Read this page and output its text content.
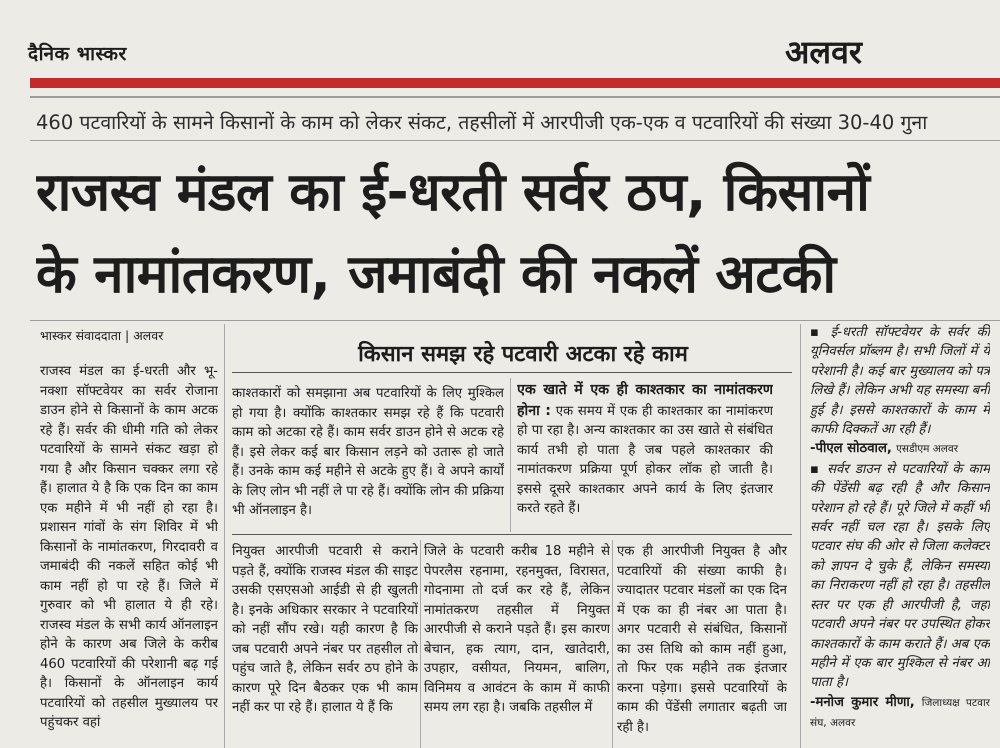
दैनिक भास्कर	अलवर
460 पटवारियों के सामने किसानों के काम को लेकर संकट, तहसीलों में आरपीजी एक-एक व पटवारियों की संख्या 30-40 गुना
राजस्व मंडल का ई-धरती सर्वर ठप, किसानों
के नामांतकरण, जमाबंदी की नकलें अटकी
भास्कर संवाददाता | अलवर
किसान समझ रहे पटवारी अटका रहे काम

राजस्व मंडल का ई-धरती और भू-नक्शा सॉफ्टवेयर का सर्वर रोजाना डाउन होने से किसानों के काम अटक रहे हैं। सर्वर की धीमी गति को लेकर पटवारियों के सामने संकट खड़ा हो गया है और किसान चक्कर लगा रहे हैं। हालात ये है कि एक दिन का काम एक महीने में भी नहीं हो रहा है। प्रशासन गांवों के संग शिविर में भी किसानों के नामांतकरण, गिरदावरी व जमाबंदी की नकलें सहित कोई भी काम नहीं हो पा रहे हैं। जिले में गुरुवार को भी हालात ये ही रहे। राजस्व मंडल के सभी कार्य ऑनलाइन होने के कारण अब जिले के करीब 460 पटवारियों की परेशानी बढ़ गई है। किसानों के ऑनलाइन कार्य पटवारियों को तहसील मुख्यालय पर पहुंचकर वहां

काश्तकारों को समझाना अब पटवारियों के लिए मुश्किल हो गया है। क्योंकि काश्तकार समझ रहे हैं कि पटवारी काम को अटका रहे हैं। काम सर्वर डाउन होने से अटक रहे हैं। इसे लेकर कई बार किसान लड़ने को उतारू हो जाते हैं। उनके काम कई महीने से अटके हुए हैं। वे अपने कार्यों के लिए लोन भी नहीं ले पा रहे हैं। क्योंकि लोन की प्रक्रिया भी ऑनलाइन है।

एक खाते में एक ही काश्तकार का नामांतकरण होना : एक समय में एक ही काश्तकार का नामांकरण हो पा रहा है। अन्य काश्तकार का उस खाते से संबंधित कार्य तभी हो पाता है जब पहले काश्तकार की नामांतकरण प्रक्रिया पूर्ण होकर लॉक हो जाती है। इससे दूसरे काश्तकार अपने कार्य के लिए इंतजार करते रहते हैं।

नियुक्त आरपीजी पटवारी से कराने पड़ते हैं, क्योंकि राजस्व मंडल की साइट उसकी एसएसओ आईडी से ही खुलती है। इनके अधिकार सरकार ने पटवारियों को नहीं सौंप रखे। यही कारण है कि जब पटवारी अपने नंबर पर तहसील तो पहुंच जाते है, लेकिन सर्वर ठप होने के कारण पूरे दिन बैठकर एक भी काम नहीं कर पा रहे हैं। हालात ये हैं कि

जिले के पटवारी करीब 18 महीने से पेपरलैस रहनामा, रहनमुक्त, विरासत, गोदनामा तो दर्ज कर रहे हैं, लेकिन नामांतकरण तहसील में नियुक्त आरपीजी से कराने पड़ते हैं। इस कारण बेचान, हक त्याग, दान, खातेदारी, उपहार, वसीयत, नियमन, बालिग, विनिमय व आवंटन के काम में काफी समय लग रहा है। जबकि तहसील में

एक ही आरपीजी नियुक्त है और पटवारियों की संख्या काफी है। ज्यादातर पटवार मंडलों का एक दिन में एक का ही नंबर आ पाता है। अगर पटवारी से संबंधित, किसानों का उस तिथि को काम नहीं हुआ, तो फिर एक महीने तक इंतजार करना पड़ेगा। इससे पटवारियों के काम की पेंडेंसी लगातार बढ़ती जा रही है।

▪ ई-धरती सॉफ्टवेयर के सर्वर की यूनिवर्सल प्रॉब्लम है। सभी जिलों में ये परेशानी है। कई बार मुख्यालय को पत्र लिखे हैं। लेकिन अभी यह समस्या बनी हुई है। इससे काश्तकारों के काम में काफी दिक्कतें आ रही हैं।

-पीएल सोठवाल, एसडीएम अलवर

▪ सर्वर डाउन से पटवारियों के काम की पेंडेंसी बढ़ रही है और किसान परेशान हो रहे हैं। पूरे जिले में कहीं भी सर्वर नहीं चल रहा है। इसके लिए पटवार संघ की ओर से जिला कलेक्टर को ज्ञापन दे चुके हैं, लेकिन समस्या का निराकरण नहीं हो रहा है। तहसील स्तर पर एक ही आरपीजी है, जहां पटवारी अपने नंबर पर उपस्थित होकर काश्तकारों के काम कराते हैं। अब एक महीने में एक बार मुश्किल से नंबर आ पाता है।

-मनोज कुमार मीणा, जिलाध्यक्ष पटवार संघ, अलवर
